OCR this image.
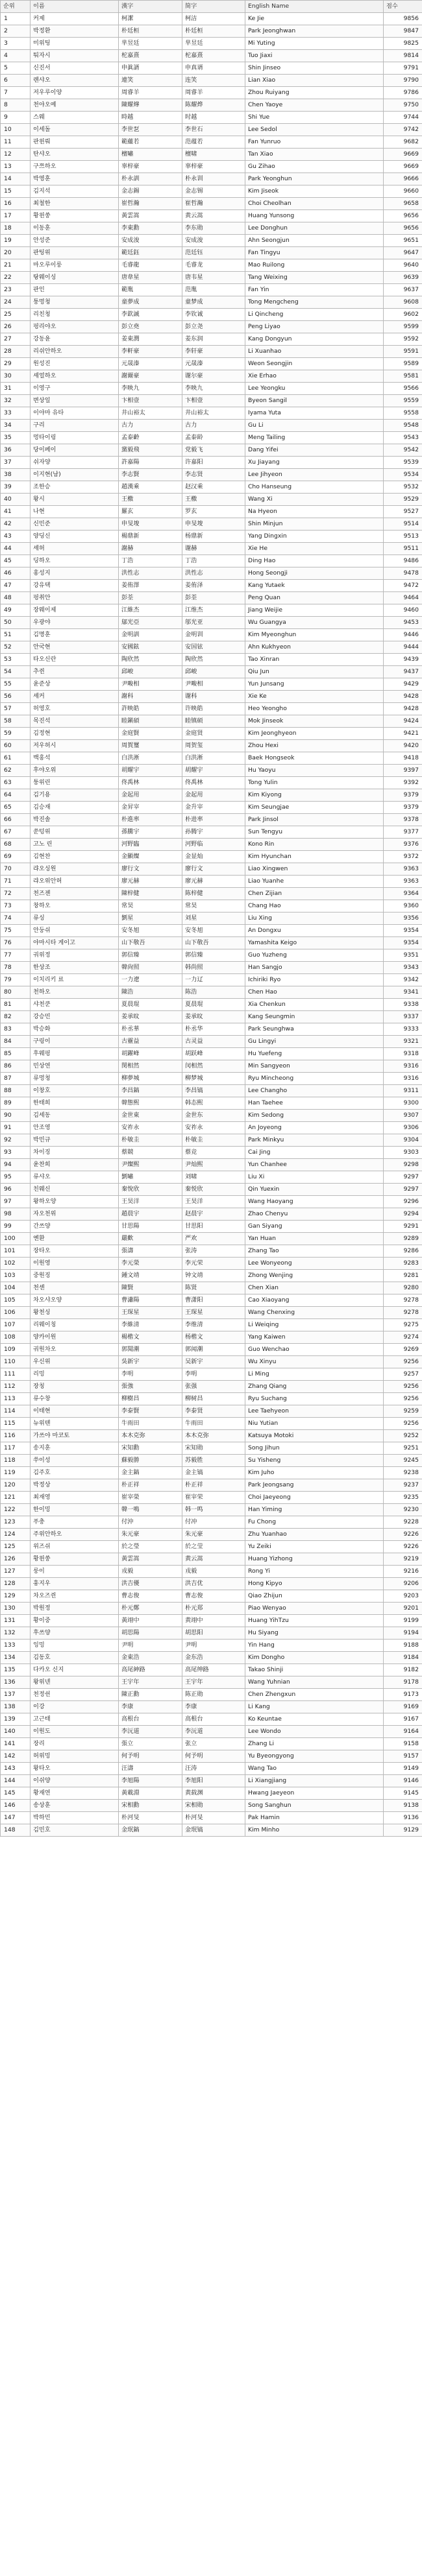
순위	이름	漢字	简字	English Name	점수
1	커제	柯潔	柯洁	Ke Jie	9856
2	박정환	朴廷桓	朴廷桓	Park Jeonghwan	9847
3	미위팅	芈昱廷	芈昱廷	Mi Yuting	9825
4	퉈자시	柁嘉熹	柁嘉熹	Tuo Jiaxi	9814
5	신진서	申眞諝	申真谞	Shin Jinseo	9791
6	롄샤오	連笑	连笑	Lian Xiao	9790
7	저우루이양	周睿羊	周睿羊	Zhou Ruiyang	9786
8	천야오예	陳耀燁	陈耀烨	Chen Yaoye	9750
9	스웨	時越	时越	Shi Yue	9744
10	이세돌	李世乭	李世石	Lee Sedol	9742
11	판윈뤄	範蘊若	范蕴若	Fan Yunruo	9682
12	탄샤오	檀嘯	檀啸	Tan Xiao	9669
13	구쯔하오	辜梓豪	辜梓豪	Gu Zihao	9669
14	박영훈	朴永訓	朴永训	Park Yeonghun	9666
15	김지석	金志錫	金志锡	Kim Jiseok	9660
16	최철한	崔哲瀚	崔哲瀚	Choi Cheolhan	9658
17	황윈쑹	黃雲嵩	黄云嵩	Huang Yunsong	9656
18	이동훈	李東勳	李东勋	Lee Donghun	9656
19	안성준	安成浚	安成浚	Ahn Seongjun	9651
20	판팅위	範廷鈺	范廷钰	Fan Tingyu	9647
21	마오루이룽	毛睿龍	毛睿龙	Mao Ruilong	9640
22	탕웨이싱	唐韋星	唐韦星	Tang Weixing	9639
23	판인	範胤	范胤	Fan Yin	9637
24	퉁멍청	童夢成	童梦成	Tong Mengcheng	9608
25	리친청	李欽誠	李钦诚	Li Qincheng	9602
26	펑리야오	彭立堯	彭立尧	Peng Liyao	9599
27	강동윤	姜東潤	姜东润	Kang Dongyun	9592
28	리쉬안하오	李軒豪	李轩豪	Li Xuanhao	9591
29	원성진	元晟溱	元晟溱	Weon Seongjin	9589
30	셰얼하오	謝爾豪	谢尔豪	Xie Erhao	9581
31	이영구	李映九	李映九	Lee Yeongku	9566
32	변상일	卞相壹	卞相壹	Byeon Sangil	9559
33	이야마 유타	井山裕太	井山裕太	Iyama Yuta	9558
34	구리	古力	古力	Gu Li	9548
35	멍타이링	孟泰齡	孟泰龄	Meng Tailing	9543
36	당이페이	黨毅飛	党毅飞	Dang Yifei	9542
37	쉬자양	許嘉陽	许嘉阳	Xu Jiayang	9539
38	이지현(남)	李志賢	李志贤	Lee Jihyeon	9534
39	조한승	趙漢乘	赵汉乘	Cho Hanseung	9532
40	왕시	王檄	王檄	Wang Xi	9529
41	나현	羅玄	罗玄	Na Hyeon	9527
42	신민준	申旻埈	申旻埈	Shin Minjun	9514
43	양딩신	楊鼎新	杨鼎新	Yang Dingxin	9513
44	셰허	謝赫	谢赫	Xie He	9511
45	딩하오	丁浩	丁浩	Ding Hao	9486
46	홍성지	洪性志	洪性志	Hong Seongji	9478
47	강유택	姜侑澤	姜侑泽	Kang Yutaek	9472
48	펑취안	彭荃	彭荃	Peng Quan	9464
49	장웨이제	江維杰	江维杰	Jiang Weijie	9460
50	우광야	鄔光亞	邬光亚	Wu Guangya	9453
51	김명훈	金明訓	金明训	Kim Myeonghun	9446
52	안국현	安國鉉	安国铉	Ahn Kukhyeon	9444
53	타오신란	陶欣然	陶欣然	Tao Xinran	9439
54	추쥔	邱峻	邱峻	Qiu Jun	9437
55	윤준상	尹畯相	尹畯相	Yun Junsang	9429
56	셰커	謝科	谢科	Xie Ke	9428
57	허영호	許映皓	许映皓	Heo Yeongho	9428
58	목진석	睦鎭碩	睦镇硕	Mok Jinseok	9424
59	김정현	金庭賢	金庭贤	Kim Jeonghyeon	9421
60	저우허시	周賀璽	周贺玺	Zhou Hexi	9420
61	백홍석	白洪淅	白洪淅	Baek Hongseok	9418
62	후야오위	胡耀宇	胡耀宇	Hu Yaoyu	9397
63	퉁위린	佟禹林	佟禹林	Tong Yulin	9392
64	김기용	金起用	金起用	Kim Kiyong	9379
65	김승재	金昇宰	金升宰	Kim Seungjae	9379
66	박진솔	朴進率	朴进率	Park Jinsol	9378
67	쑨텅위	孫騰宇	孙腾宇	Sun Tengyu	9377
68	고노 린	河野臨	河野临	Kono Rin	9376
69	김현찬	金顯燦	金显灿	Kim Hyunchan	9372
70	랴오싱원	廖行文	廖行文	Liao Xingwen	9363
71	랴오위안허	廖元赫	廖元赫	Liao Yuanhe	9363
72	천즈젠	陳梓健	陈梓健	Chen Zijian	9364
73	창하오	常昊	常昊	Chang Hao	9360
74	류싱	劉星	刘星	Liu Xing	9356
75	안둥쉬	安冬旭	安冬旭	An Dongxu	9354
76	야마시타 게이고	山下敬吾	山下敬吾	Yamashita Keigo	9354
77	궈위정	郭信臻	郭信臻	Guo Yuzheng	9351
78	한상조	韓尙照	韩尚照	Han Sangjo	9343
79	이치리키 료	一力遼	一力辽	Ichiriki Ryo	9342
80	천하오	陳浩	陈浩	Chen Hao	9341
81	샤천쿤	夏晨琨	夏晨琨	Xia Chenkun	9338
82	강승민	姜承旼	姜承旼	Kang Seungmin	9337
83	박승화	朴丞華	朴丞华	Park Seunghwa	9333
84	구링이	古靈益	古灵益	Gu Lingyi	9321
85	후웨펑	胡躍峰	胡跃峰	Hu Yuefeng	9318
86	민상연	閔相然	闵相然	Min Sangyeon	9316
87	류멍청	柳夢城	柳梦城	Ryu Mincheong	9316
88	이창호	李昌鎬	李昌镐	Lee Changho	9311
89	한태희	韓態熙	韩态熙	Han Taehee	9300
90	김세동	金世東	金世东	Kim Sedong	9307
91	안조영	安祚永	安祚永	An Joyeong	9306
92	박민규	朴敏圭	朴敏圭	Park Minkyu	9304
93	차이징	蔡競	蔡竞	Cai Jing	9303
94	윤찬희	尹燦熙	尹灿熙	Yun Chanhee	9298
95	류샤오	劉嘯	刘啸	Liu Xi	9297
96	친웨신	秦悅欣	秦悦欣	Qin Yuexin	9297
97	왕하오양	王昊洋	王昊洋	Wang Haoyang	9296
98	자오천위	趙晨宇	赵晨宇	Zhao Chenyu	9294
99	간쓰양	甘思陽	甘思阳	Gan Siyang	9291
100	옌환	嚴歡	严欢	Yan Huan	9289
101	장타오	張濤	张涛	Zhang Tao	9286
102	이원영	李元榮	李元荣	Lee Wonyeong	9283
103	중원징	鍾文靖	钟文靖	Zhong Wenjing	9281
104	천셴	陳賢	陈贤	Chen Xian	9280
105	차오샤오양	曹瀟陽	曹潇阳	Cao Xiaoyang	9278
106	왕천싱	王琛星	王琛星	Wang Chenxing	9278
107	리웨이칭	李維清	李维清	Li Weiqing	9275
108	양카이원	楊楷文	杨楷文	Yang Kaiwen	9274
109	궈원차오	郭聞潮	郭闻潮	Guo Wenchao	9269
110	우신위	吳新宇	吴新宇	Wu Xinyu	9256
111	리밍	李明	李明	Li Ming	9257
112	장칭	張強	张强	Zhang Qiang	9256
113	류수창	柳樹昌	柳树昌	Ryu Suchang	9256
114	이태현	李泰賢	李泰贤	Lee Taehyeon	9259
115	뉴위톈	牛雨田	牛雨田	Niu Yutian	9256
116	가쓰야 마코토	本木克弥	本木克弥	Katsuya Motoki	9252
117	송지훈	宋知勳	宋知勋	Song Jihun	9251
118	쑤이성	蘇毅勝	苏毅胜	Su Yisheng	9245
119	김주호	金主鎬	金主镐	Kim Juho	9238
120	박정상	朴正祥	朴正祥	Park Jeongsang	9237
121	최재영	崔宰榮	崔宰荣	Choi Jaeyeong	9235
122	한이밍	韓一鳴	韩一鸣	Han Yiming	9230
123	푸충	付沖	付冲	Fu Chong	9228
124	주위안하오	朱元豪	朱元豪	Zhu Yuanhao	9226
125	위즈쉬	於之瑩	於之莹	Yu Zeiki	9226
126	황윈쑹	黃雲嵩	黄云嵩	Huang Yizhong	9219
127	룽이	戎毅	戎毅	Rong Yi	9216
128	훙지우	洪吉優	洪吉优	Hong Kipyo	9206
129	차오즈쥔	曹志俊	曹志俊	Qiao Zhijun	9203
130	박원정	朴元鄭	朴元郑	Piao Wenyao	9201
131	황이중	黃翊中	黄翊中	Huang YihTzu	9199
132	후쓰양	胡思陽	胡思阳	Hu Siyang	9194
133	잉밍	尹明	尹明	Yin Hang	9188
134	김동호	金東浩	金东浩	Kim Dongho	9184
135	다카오 신지	高尾紳路	高尾绅路	Takao Shinji	9182
136	왕위넨	王宇年	王宇年	Wang Yuhnian	9178
137	천정쉰	陳正勳	陈正勋	Chen Zhengxun	9173
138	이강	李康	李康	Li Kang	9169
139	고근태	高根台	高根台	Ko Keuntae	9167
140	이원도	李沅道	李沅道	Lee Wondo	9164
141	장리	張立	张立	Zhang Li	9158
142	허위밍	何予明	何予明	Yu Byeongyong	9157
143	왕타오	汪濤	汪涛	Wang Tao	9149
144	이쉬양	李旭陽	李旭阳	Li Xiangjiang	9146
145	황재연	黃載淵	黄载渊	Hwang Jaeyeon	9145
146	송상훈	宋相勳	宋相勋	Song Sanghun	9138
147	박하민	朴河旻	朴河旻	Pak Hamin	9136
148	김민호	金珉鎬	金珉镐	Kim Minho	9129
